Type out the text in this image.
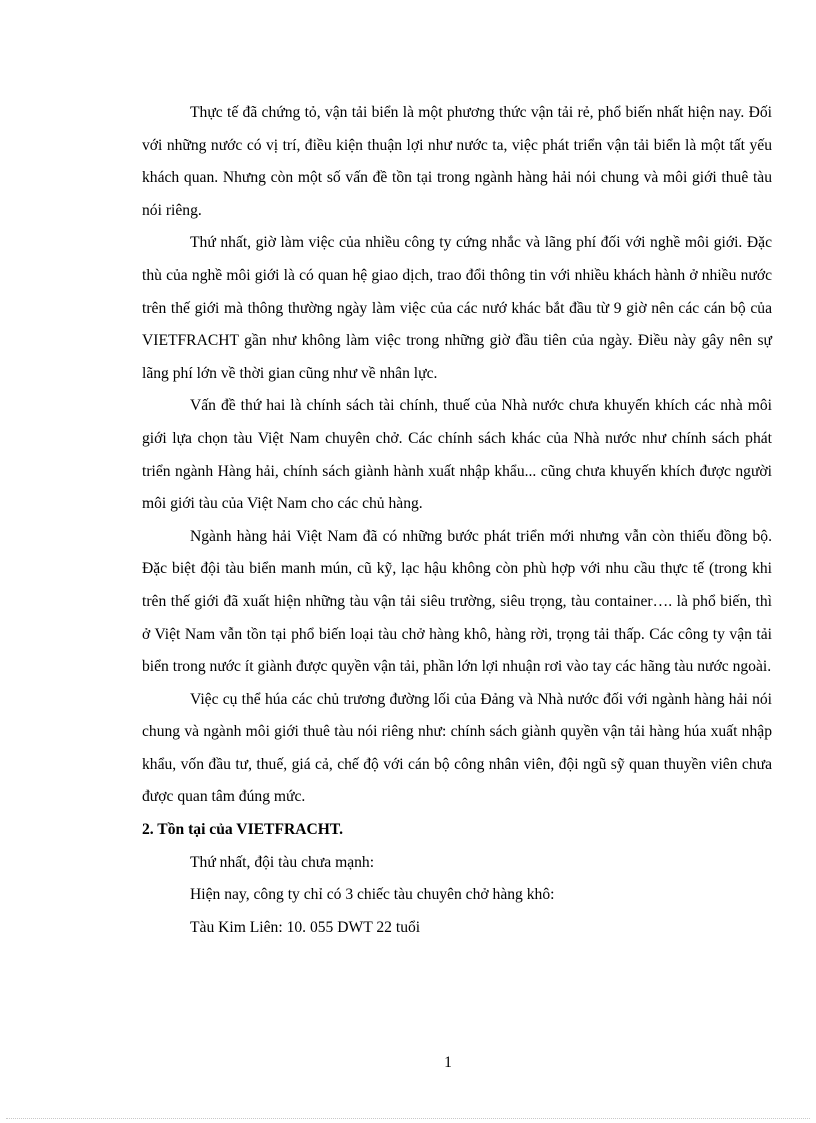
Thực tế đã chứng tỏ, vận tải biển là một phương thức vận tải rẻ, phổ biến nhất hiện nay. Đối với những nước có vị trí, điều kiện thuận lợi như nước ta, việc phát triển vận tải biển là một tất yếu khách quan. Nhưng còn một số vấn đề tồn tại trong ngành hàng hải nói chung và môi giới thuê tàu nói riêng.

Thứ nhất, giờ làm việc của nhiều công ty cứng nhắc và lãng phí đối với nghề môi giới. Đặc thù của nghề môi giới là có quan hệ giao dịch, trao đổi thông tin với nhiều khách hành ở nhiều nước trên thế giới mà thông thường ngày làm việc của các nướ khác bắt đầu từ 9 giờ nên các cán bộ của VIETFRACHT gần như không làm việc trong những giờ đầu tiên của ngày. Điều này gây nên sự lãng phí lớn về thời gian cũng như về nhân lực.

Vấn đề thứ hai là chính sách tài chính, thuế của Nhà nước chưa khuyến khích các nhà môi giới lựa chọn tàu Việt Nam chuyên chở. Các chính sách khác của Nhà nước như chính sách phát triển ngành Hàng hải, chính sách giành hành xuất nhập khẩu... cũng chưa khuyến khích được người môi giới tàu của Việt Nam cho các chủ hàng.

Ngành hàng hải Việt Nam đã có những bước phát triển mới nhưng vẫn còn thiếu đồng bộ. Đặc biệt đội tàu biển manh mún, cũ kỹ, lạc hậu không còn phù hợp với nhu cầu thực tế (trong khi trên thế giới đã xuất hiện những tàu vận tải siêu trường, siêu trọng, tàu container…. là phổ biến, thì ở Việt Nam vẫn tồn tại phổ biến loại tàu chở hàng khô, hàng rời, trọng tải thấp. Các công ty vận tải biển trong nước ít giành được quyền vận tải, phần lớn lợi nhuận rơi vào tay các hãng tàu nước ngoài.

Việc cụ thể húa các chủ trương đường lối của Đảng và Nhà nước đối với ngành hàng hải nói chung và ngành môi giới thuê tàu nói riêng như: chính sách giành quyền vận tải hàng húa xuất nhập khẩu, vốn đầu tư, thuế, giá cả, chế độ với cán bộ công nhân viên, đội ngũ sỹ quan thuyền viên chưa được quan tâm đúng mức.

2. Tồn tại của VIETFRACHT.

Thứ nhất, đội tàu chưa mạnh:

Hiện nay, công ty chỉ có 3 chiếc tàu chuyên chở hàng khô:

Tàu Kim Liên: 10. 055 DWT 22 tuổi

1
